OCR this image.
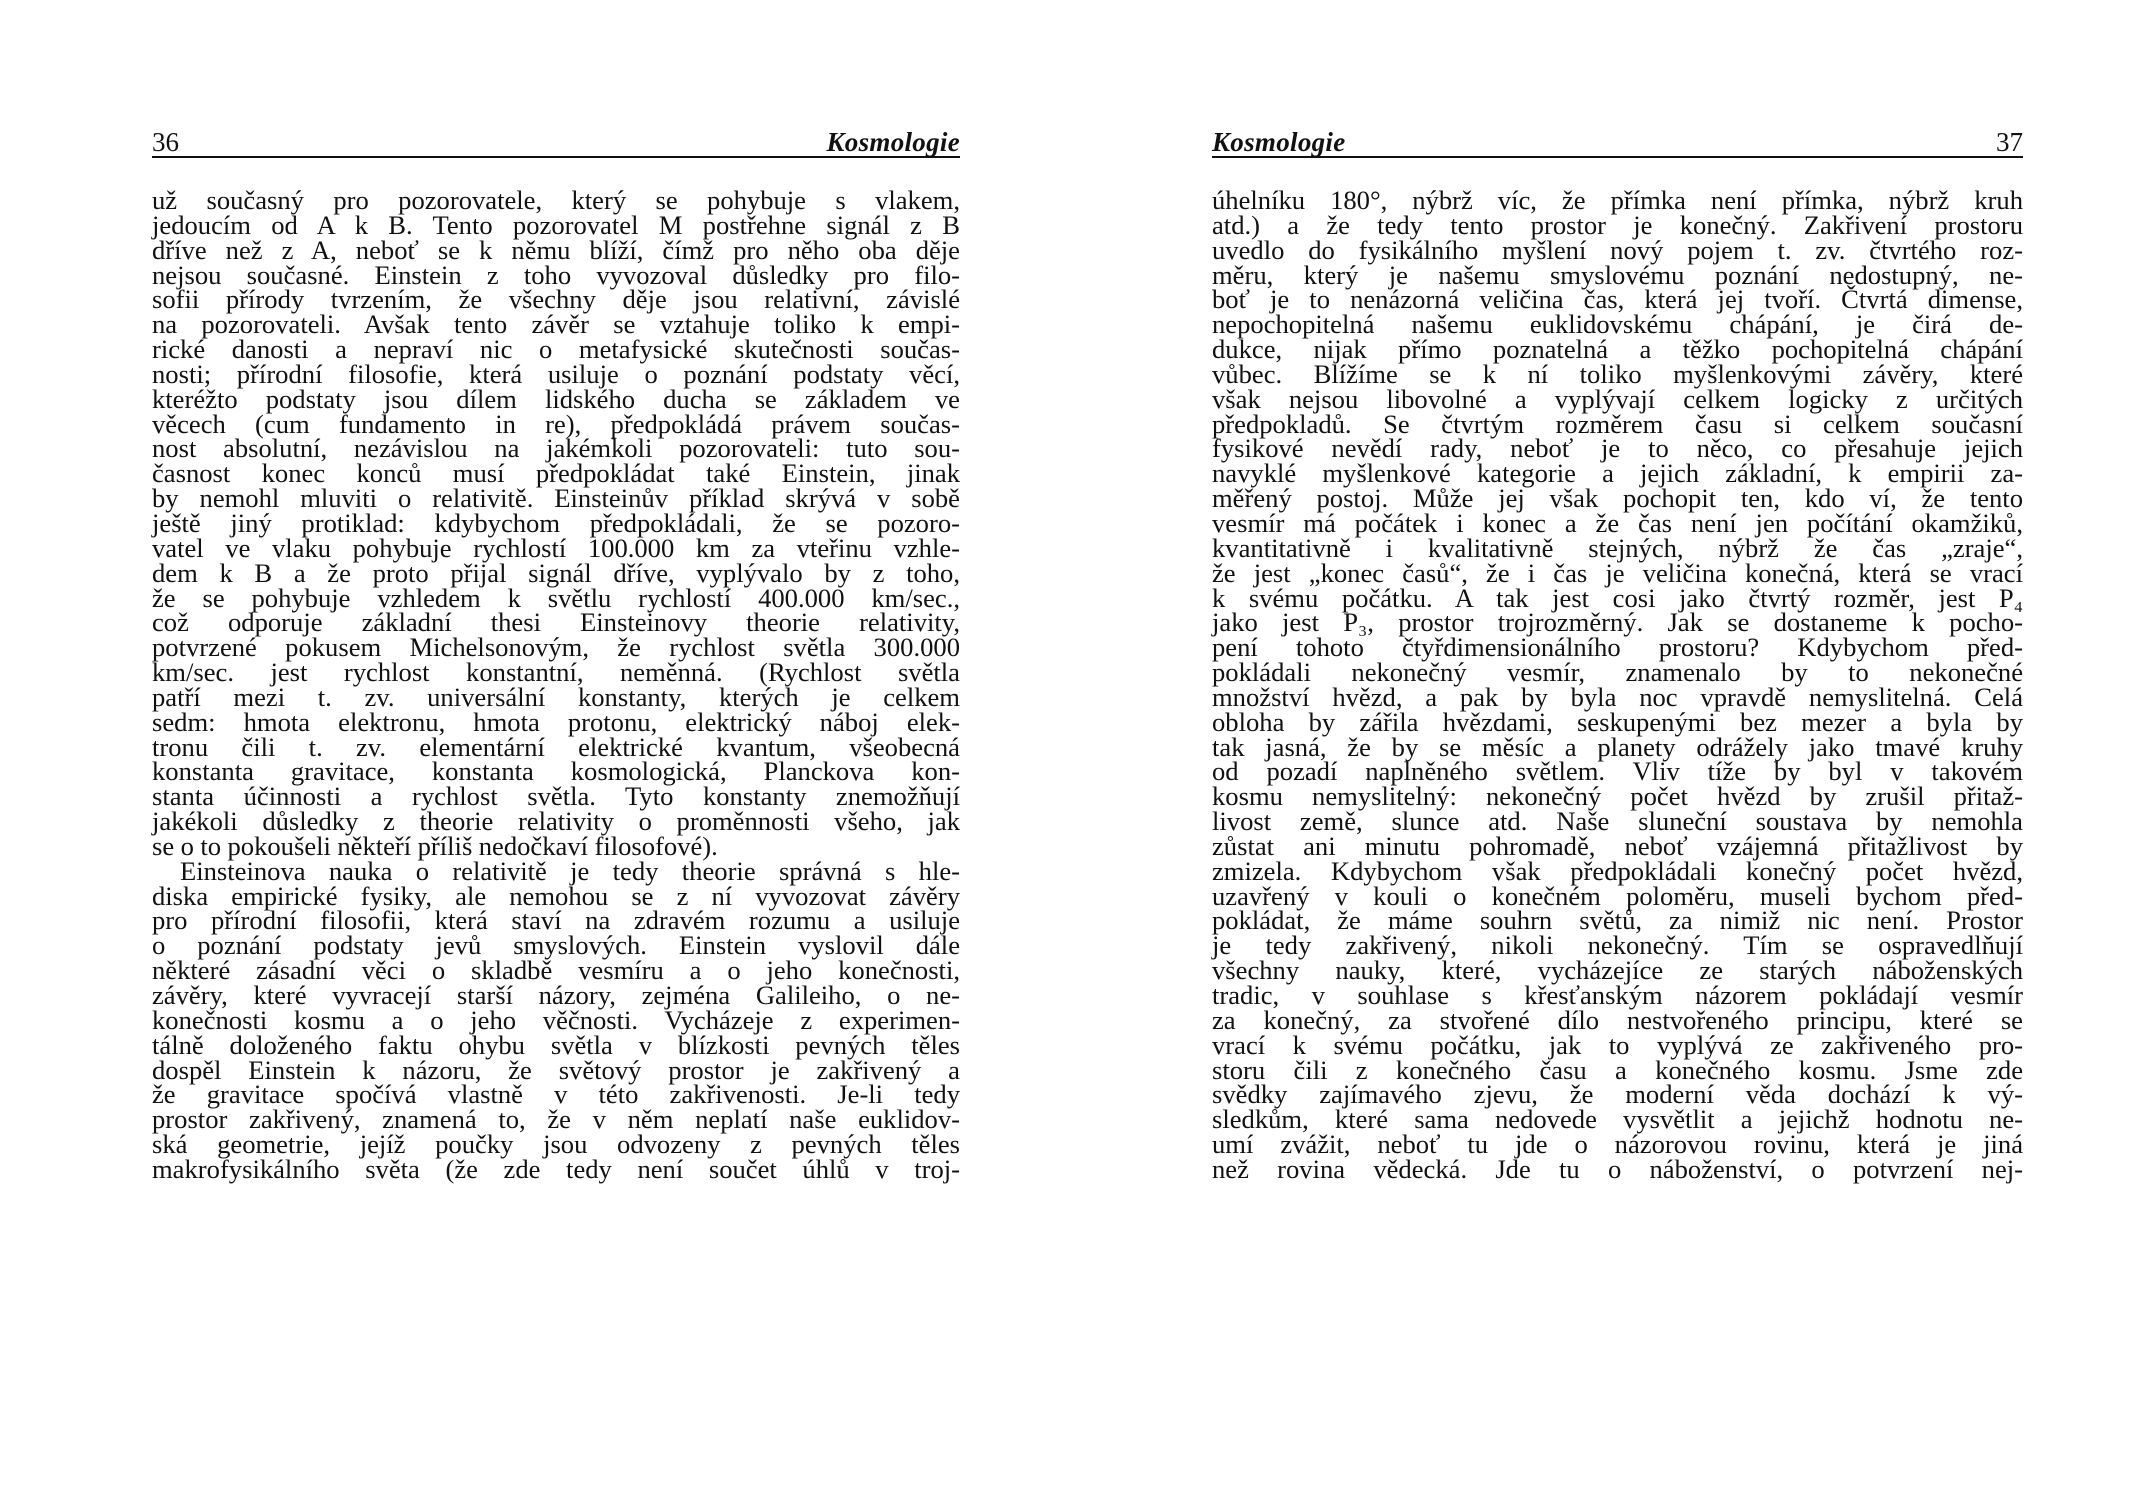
36	Kosmologie
už současný pro pozorovatele, který se pohybuje s vlakem,
jedoucím od A k B. Tento pozorovatel M postřehne signál z B
dříve než z A, neboť se k němu blíží, čímž pro něho oba děje
nejsou současné. Einstein z toho vyvozoval důsledky pro filo-
sofii přírody tvrzením, že všechny děje jsou relativní, závislé
na pozorovateli. Avšak tento závěr se vztahuje toliko k empi-
rické danosti a nepraví nic o metafysické skutečnosti součas-
nosti; přírodní filosofie, která usiluje o poznání podstaty věcí,
kteréžto podstaty jsou dílem lidského ducha se základem ve
věcech (cum fundamento in re), předpokládá právem součas-
nost absolutní, nezávislou na jakémkoli pozorovateli: tuto sou-
časnost konec konců musí předpokládat také Einstein, jinak
by nemohl mluviti o relativitě. Einsteinův příklad skrývá v sobě
ještě jiný protiklad: kdybychom předpokládali, že se pozoro-
vatel ve vlaku pohybuje rychlostí 100.000 km za vteřinu vzhle-
dem k B a že proto přijal signál dříve, vyplývalo by z toho,
že se pohybuje vzhledem k světlu rychlostí 400.000 km/sec.,
což odporuje základní thesi Einsteinovy theorie relativity,
potvrzené pokusem Michelsonovým, že rychlost světla 300.000
km/sec. jest rychlost konstantní, neměnná. (Rychlost světla
patří mezi t. zv. universální konstanty, kterých je celkem
sedm: hmota elektronu, hmota protonu, elektrický náboj elek-
tronu čili t. zv. elementární elektrické kvantum, všeobecná
konstanta gravitace, konstanta kosmologická, Planckova kon-
stanta účinnosti a rychlost světla. Tyto konstanty znemožňují
jakékoli důsledky z theorie relativity o proměnnosti všeho, jak
se o to pokoušeli někteří příliš nedočkaví filosofové).
Einsteinova nauka o relativitě je tedy theorie správná s hle-
diska empirické fysiky, ale nemohou se z ní vyvozovat závěry
pro přírodní filosofii, která staví na zdravém rozumu a usiluje
o poznání podstaty jevů smyslových. Einstein vyslovil dále
některé zásadní věci o skladbě vesmíru a o jeho konečnosti,
závěry, které vyvracejí starší názory, zejména Galileiho, o ne-
konečnosti kosmu a o jeho věčnosti. Vycházeje z experimen-
tálně doloženého faktu ohybu světla v blízkosti pevných těles
dospěl Einstein k názoru, že světový prostor je zakřivený a
že gravitace spočívá vlastně v této zakřivenosti. Je-li tedy
prostor zakřivený, znamená to, že v něm neplatí naše euklidov-
ská geometrie, jejíž poučky jsou odvozeny z pevných těles
makrofysikálního světa (že zde tedy není součet úhlů v troj-
Kosmologie	37
úhelníku 180°, nýbrž víc, že přímka není přímka, nýbrž kruh
atd.) a že tedy tento prostor je konečný. Zakřivení prostoru
uvedlo do fysikálního myšlení nový pojem t. zv. čtvrtého roz-
měru, který je našemu smyslovému poznání nedostupný, ne-
boť je to nenázorná veličina čas, která jej tvoří. Čtvrtá dimense,
nepochopitelná našemu euklidovskému chápání, je čirá de-
dukce, nijak přímo poznatelná a těžko pochopitelná chápání
vůbec. Blížíme se k ní toliko myšlenkovými závěry, které
však nejsou libovolné a vyplývají celkem logicky z určitých
předpokladů. Se čtvrtým rozměrem času si celkem současní
fysikové nevědí rady, neboť je to něco, co přesahuje jejich
navyklé myšlenkové kategorie a jejich základní, k empirii za-
měřený postoj. Může jej však pochopit ten, kdo ví, že tento
vesmír má počátek i konec a že čas není jen počítání okamžiků,
kvantitativně i kvalitativně stejných, nýbrž že čas „zraje“,
že jest „konec časů“, že i čas je veličina konečná, která se vrací
k svému počátku. A tak jest cosi jako čtvrtý rozměr, jest P₄
jako jest P₃, prostor trojrozměrný. Jak se dostaneme k pocho-
pení tohoto čtyřdimensionálního prostoru? Kdybychom před-
pokládali nekonečný vesmír, znamenalo by to nekonečné
množství hvězd, a pak by byla noc vpravdě nemyslitelná. Celá
obloha by zářila hvězdami, seskupenými bez mezer a byla by
tak jasná, že by se měsíc a planety odrážely jako tmavé kruhy
od pozadí naplněného světlem. Vliv tíže by byl v takovém
kosmu nemyslitelný: nekonečný počet hvězd by zrušil přitaž-
livost země, slunce atd. Naše sluneční soustava by nemohla
zůstat ani minutu pohromadě, neboť vzájemná přitažlivost by
zmizela. Kdybychom však předpokládali konečný počet hvězd,
uzavřený v kouli o konečném poloměru, museli bychom před-
pokládat, že máme souhrn světů, za nimiž nic není. Prostor
je tedy zakřivený, nikoli nekonečný. Tím se ospravedlňují
všechny nauky, které, vycházejíce ze starých náboženských
tradic, v souhlase s křesťanským názorem pokládají vesmír
za konečný, za stvořené dílo nestvořeného principu, které se
vrací k svému počátku, jak to vyplývá ze zakřiveného pro-
storu čili z konečného času a konečného kosmu. Jsme zde
svědky zajímavého zjevu, že moderní věda dochází k vý-
sledkům, které sama nedovede vysvětlit a jejichž hodnotu ne-
umí zvážit, neboť tu jde o názorovou rovinu, která je jiná
než rovina vědecká. Jde tu o náboženství, o potvrzení nej-
